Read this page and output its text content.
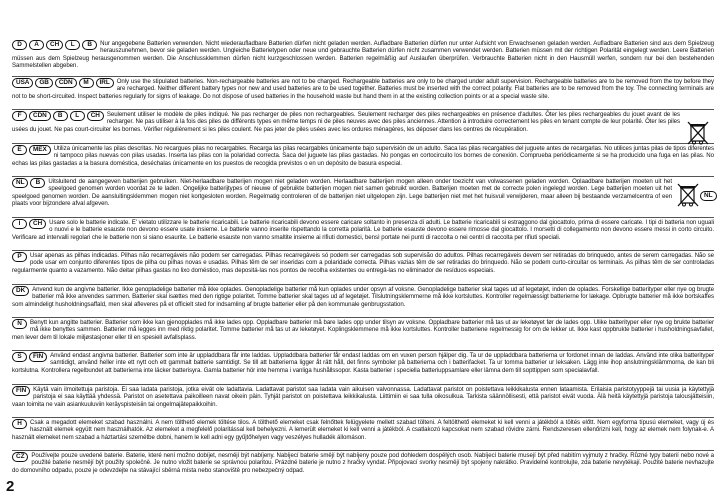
D	A	CH	L	B	Nur angegebene Batterien verwenden. Nicht wiederaufladbare Batterien dürfen nicht geladen werden. Aufladbare Batterien dürfen nur unter Aufsicht von Erwachsenen geladen werden. Aufladbare Batterien sind aus dem Spielzeug herauszunehmen, bevor sie geladen werden. Ungleiche Batterietypen oder neue und gebrauchte Batterien dürfen nicht zusammen verwendet werden. Batterien müssen mit der richtigen Polarität eingelegt werden. Leere Batterien müssen aus dem Spielzeug herausgenommen werden. Die Anschlussklemmen dürfen nicht kurzgeschlossen werden. Batterien regelmäßig auf Auslaufen überprüfen. Verbrauchte Batterien nicht in den Hausmüll werfen, sondern nur bei den bestehenden Sammelstellen abgeben.
USA	GB	CDN	M	IRL	Only use the stipulated batteries. Non-rechargeable batteries are not to be charged. Rechargeable batteries are only to be charged under adult supervision. Rechargeable batteries are to be removed from the toy before they are recharged. Neither different battery types nor new and used batteries are to be used together. Batteries must be inserted with the correct polarity. Flat batteries are to be removed from the toy. The connecting terminals are not to be short-circuited. Inspect batteries regularly for signs of leakage. Do not dispose of used batteries in the household waste but hand them in at the existing collection points or at a special waste site.
F	CDN	B	L	CH	Seulement utiliser le modèle de piles indiqué. Ne pas recharger de piles non rechargeables. Seulement recharger des piles rechargeables en présence d'adultes. Ôter les piles rechargeables du jouet avant de les recharger. Ne pas utiliser à la fois des piles de différents types en même temps ni de piles neuves avec des piles anciennes. Attention à introduire correctement les piles en tenant compte de leur polarité. Ôter les piles usées du jouet. Ne pas court-circuiter les bornes. Vérifier régulièrement si les piles coulent. Ne pas jeter de piles usées avec les ordures ménagères, les déposer dans les centres de récupération.
E	MEX	Utiliza únicamente las pilas descritas. No recargues pilas no recargables. Recarga las pilas recargables únicamente bajo supervisión de un adulto. Saca las pilas recargables del juguete antes de recargarlas. No utilices juntas pilas de tipos diferentes ni tampoco pilas nuevas con pilas usadas. Inserta las pilas con la polaridad correcta. Saca del juguete las pilas gastadas. No pongas en cortocircuito los bornes de conexión. Comprueba periódicamente si se ha producido una fuga en las pilas. No echas las pilas gastadas a la basura doméstica, deséchalas únicamente en los puestos de recogida previstos o en un depósito de basura especial.
NL	B	Uitsluitend de aangegeven batterijen gebruiken. Niet-herlaadbare batterijen mogen niet geladen worden. Herlaadbare batterijen mogen alleen onder toezicht van volwassenen geladen worden. Oplaadbare batterijen moeten uit het speelgoed genomen worden voordat ze te laden. Ongelijke batterijtypes of nieuwe of gebruikte batterijen mogen niet samen gebruikt worden. Batterijen moeten met de correcte polen ingelegd worden. Lege batterijen moeten uit het speelgoed genomen worden. De aansluitingsklemmen mogen niet kortgesloten worden. Regelmatig controleren of de batterijen niet uitgelopen zijn. Lege batterijen niet met het huisvuil verwijderen, maar alleen bij bestaande verzamelcentra of een plaats voor bijzondere afval afgeven.
I	CH	Usare solo le batterie indicate. E' vietato utilizzare le batterie ricaricabili. Le batterie ricaricabili devono essere caricare soltanto in presenza di adulti. Le batterie ricaricabili si estraggono dal giocattolo, prima di essere caricate. I tipi di batteria non uguali o nuovi e le batterie esauste non devono essere usate insieme. Le batterie vanno inserite rispettando la corretta polarità. Le batterie esauste devono essere rimosse dal giocattolo. I morsetti di collegamento non devono essere messi in corto circuito. Verificare ad intervalli regolari che le batterie non si siano esaurite. Le batterie esauste non vanno smaltite insieme ai rifiuti domestici, bensì portate nei punti di raccolta o nei centri di raccolta per rifiuti speciali.
P	Usar apenas as pilhas indicadas. Pilhas não recarregáveis não podem ser carregadas. Pilhas recarregáveis só podem ser carregadas sob supervisão do adultos. Pilhas recarregáveis devem ser retiradas do brinquedo, antes de serem carregadas. Não se pode usar em conjunto diferentes tipos de pilha ou pilhas novas e usadas. Pilhas têm de ser inseridas com a polaridade correcta. Pilhas vazias têm de ser retiradas do brinquedo. Não se podem curto-circuitar os terminais. As pilhas têm de ser controladas regularmente quanto a vazamento. Não deitar pilhas gastas no lixo doméstico, mas depositá-las nos pontos de recolha existentes ou entregá-las no eliminador de resíduos especiais.
DK	Anvend kun de angivne batterier. Ikke genopladelige batterier må ikke oplades. Genopladelige batterier må kun oplades under opsyn af voksne. Genopladelige batterier skal tages ud af legetøjet, inden de oplades. Forskellige batterityper eller nye og brugte batterier må ikke anvendes sammen. Batterier skal isættes med den rigtige polaritet. Tomme batterier skal tages ud af legetøjet. Tilslutningsklemmerne må ikke kortsluttes. Kontroller regelmæssigt batterierne for lækage. Opbrugte batterier må ikke bortskaffes som almindeligt husholdningsaffald, men skal afleveres på et officielt sted for indsamling af brugte batterier eller på den kommunale genbrugsstation.
N	Benytt kun angitte batterier. Batterier som ikke kan gjenopplades må ikke lades opp. Oppladbare batterier må bare lades opp under tilsyn av voksne. Oppladbare batterier må tas ut av leketøyet før de lades opp. Ulike batterityper eller nye og brukte batterier må ikke benyttes sammen. Batterier må legges inn med riktig polaritet. Tomme batterier må tas ut av leketøyet. Koplingsklemmene må ikke kortsluttes. Kontroller batteriene regelmessig for om de lekker ut. Ikke kast oppbrukte batterier i husholdningsavfallet, men lever dem til lokale miljøstasjoner eller til en spesiell avfallsplass.
S	FIN	Använd endast angivna batterier. Batterier som inte är uppladdbara får inte laddas. Uppladdbara batterier får endast laddas om en vuxen person hjälper dig. Ta ur de uppladdbara batterierna ur fordonet innan de laddas. Använd inte olika batterityper samtidigt, använd heller inte ett nytt och ett gammalt batterie samtidigt. Se till att batterierna ligger åt rätt håll, det finns symboler på batterierna och i batterifacket. Ta ur tomma batterier ur leksaken. Lägg inte ihop anslutningsklämmorna, de kan bli kortslutna. Kontrollera regelbundet att batterierna inte läcker batterisyra. Gamla batterier hör inte hemma i vanliga hushållssopor. Kasta batterier i speciella batteriuppsamlare eller lämna dem till sopttippen som specialavfall.
FIN	Käytä vain ilmoitettuja paristoja. Ei saa ladata paristoja, jotka eivät ole ladattavia. Ladattavat paristot saa ladata vain aikuisen valvonnassa. Ladattavat paristot on poistettava leikkikalusta ennen lataamista. Erilaisia paristotyyppejä tai uusia ja käytettyjä paristoja ei saa käyttää yhdessä. Paristot on asetettava paikoilleen navat oikein päin. Tyhjät paristot on poistettava leikkikalusta. Liittimiin ei saa tulla oikosulkua. Tarkista säännöllisesti, että paristot eivät vuoda. Älä heitä käytettyjä paristoja talousjätteisiin, vaan toimita ne vain asiankuuluviin keräyspisteisiin tai ongelmajätepaikkoihin.
H	Csak a megadott elemeket szabad használni. A nem tölthető elemek töltése tilos. A tölthető elemeket csak felnőttek felügyelete mellett szabad tölteni. A feltölthető elemeket ki kell venni a játékból a töltés előtt. Nem egyforma típusú elemeket, vagy új és használt elemek együtt nem használhatók. Az elemeket a megfelelő polaritással kell behelyezni. A lemerült elemeket ki kell venni a játékból. A csatlakozó kapcsokat nem szabad rövidre zárni. Rendszeresen ellenőrizni kell, hogy az elemek nem folynak-e. A használt elemeket nem szabad a háztartási szemétbe dobni, hanem le kell adni egy gyűjtőhelyen vagy veszélyes hulladék állomáson.
CZ	Používejte pouze uvedené baterie. Baterie, které není možno dobíjet, nesmějí být nabíjeny. Nabíjecí baterie smějí být nabíjeny pouze pod dohledem dospělých osob. Nabíjecí baterie musejí být před nabitím vyjmuty z hračky. Různé typy baterií nebo nové a použité baterie nesmějí být použity společně. Je nutno vložit baterie se správnou polaritou. Prázdné baterie je nutno z hračky vyndat. Připojovací svorky nesmějí být spojeny nakrátko. Pravidelně kontrolujte, zda baterie nevytékají. Použité baterie nevhazujte do domovního odpadu, pouze je odevzdejte na stávající sběrná místa nebo stanoviště pro nebezpečný odpad.
2
NL
